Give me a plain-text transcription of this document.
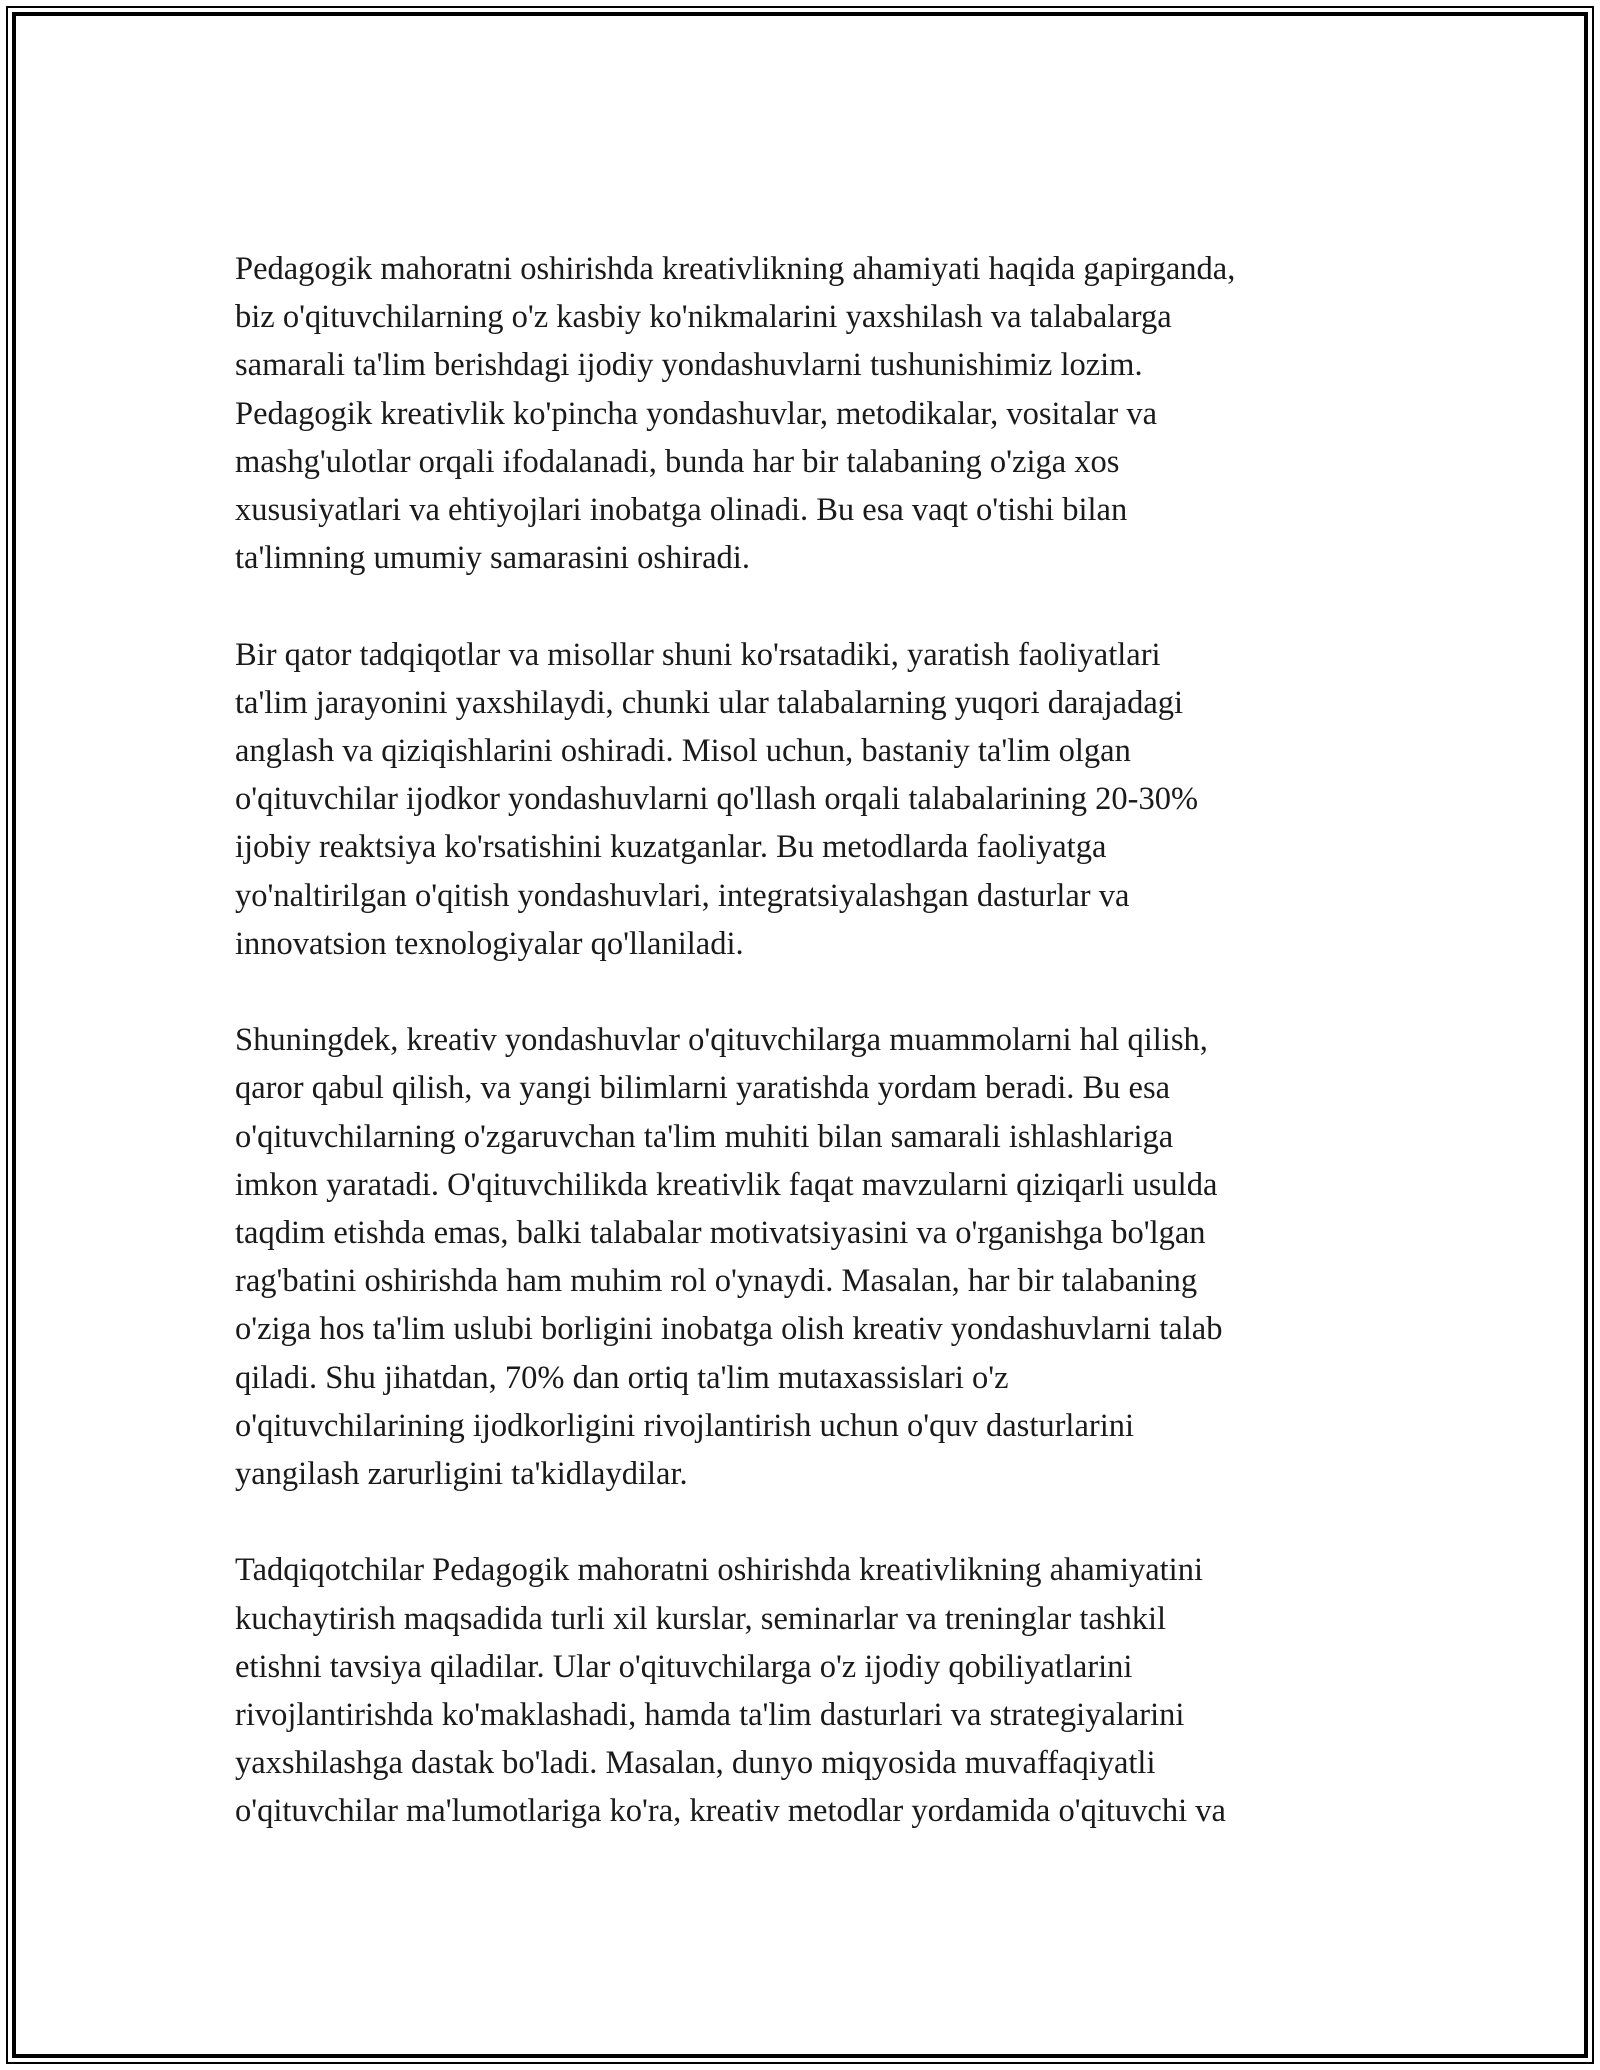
Pedagogik mahoratni oshirishda kreativlikning ahamiyati haqida gapirganda,
biz o'qituvchilarning o'z kasbiy ko'nikmalarini yaxshilash va talabalarga
samarali ta'lim berishdagi ijodiy yondashuvlarni tushunishimiz lozim.
Pedagogik kreativlik ko'pincha yondashuvlar, metodikalar, vositalar va
mashg'ulotlar orqali ifodalanadi, bunda har bir talabaning o'ziga xos
xususiyatlari va ehtiyojlari inobatga olinadi. Bu esa vaqt o'tishi bilan
ta'limning umumiy samarasini oshiradi.
Bir qator tadqiqotlar va misollar shuni ko'rsatadiki, yaratish faoliyatlari
ta'lim jarayonini yaxshilaydi, chunki ular talabalarning yuqori darajadagi
anglash va qiziqishlarini oshiradi. Misol uchun, bastaniy ta'lim olgan
o'qituvchilar ijodkor yondashuvlarni qo'llash orqali talabalarining 20-30%
ijobiy reaktsiya ko'rsatishini kuzatganlar. Bu metodlarda faoliyatga
yo'naltirilgan o'qitish yondashuvlari, integratsiyalashgan dasturlar va
innovatsion texnologiyalar qo'llaniladi.
Shuningdek, kreativ yondashuvlar o'qituvchilarga muammolarni hal qilish,
qaror qabul qilish, va yangi bilimlarni yaratishda yordam beradi. Bu esa
o'qituvchilarning o'zgaruvchan ta'lim muhiti bilan samarali ishlashlariga
imkon yaratadi. O'qituvchilikda kreativlik faqat mavzularni qiziqarli usulda
taqdim etishda emas, balki talabalar motivatsiyasini va o'rganishga bo'lgan
rag'batini oshirishda ham muhim rol o'ynaydi. Masalan, har bir talabaning
o'ziga hos ta'lim uslubi borligini inobatga olish kreativ yondashuvlarni talab
qiladi. Shu jihatdan, 70% dan ortiq ta'lim mutaxassislari o'z
o'qituvchilarining ijodkorligini rivojlantirish uchun o'quv dasturlarini
yangilash zarurligini ta'kidlaydilar.
Tadqiqotchilar Pedagogik mahoratni oshirishda kreativlikning ahamiyatini
kuchaytirish maqsadida turli xil kurslar, seminarlar va treninglar tashkil
etishni tavsiya qiladilar. Ular o'qituvchilarga o'z ijodiy qobiliyatlarini
rivojlantirishda ko'maklashadi, hamda ta'lim dasturlari va strategiyalarini
yaxshilashga dastak bo'ladi. Masalan, dunyo miqyosida muvaffaqiyatli
o'qituvchilar ma'lumotlariga ko'ra, kreativ metodlar yordamida o'qituvchi va
